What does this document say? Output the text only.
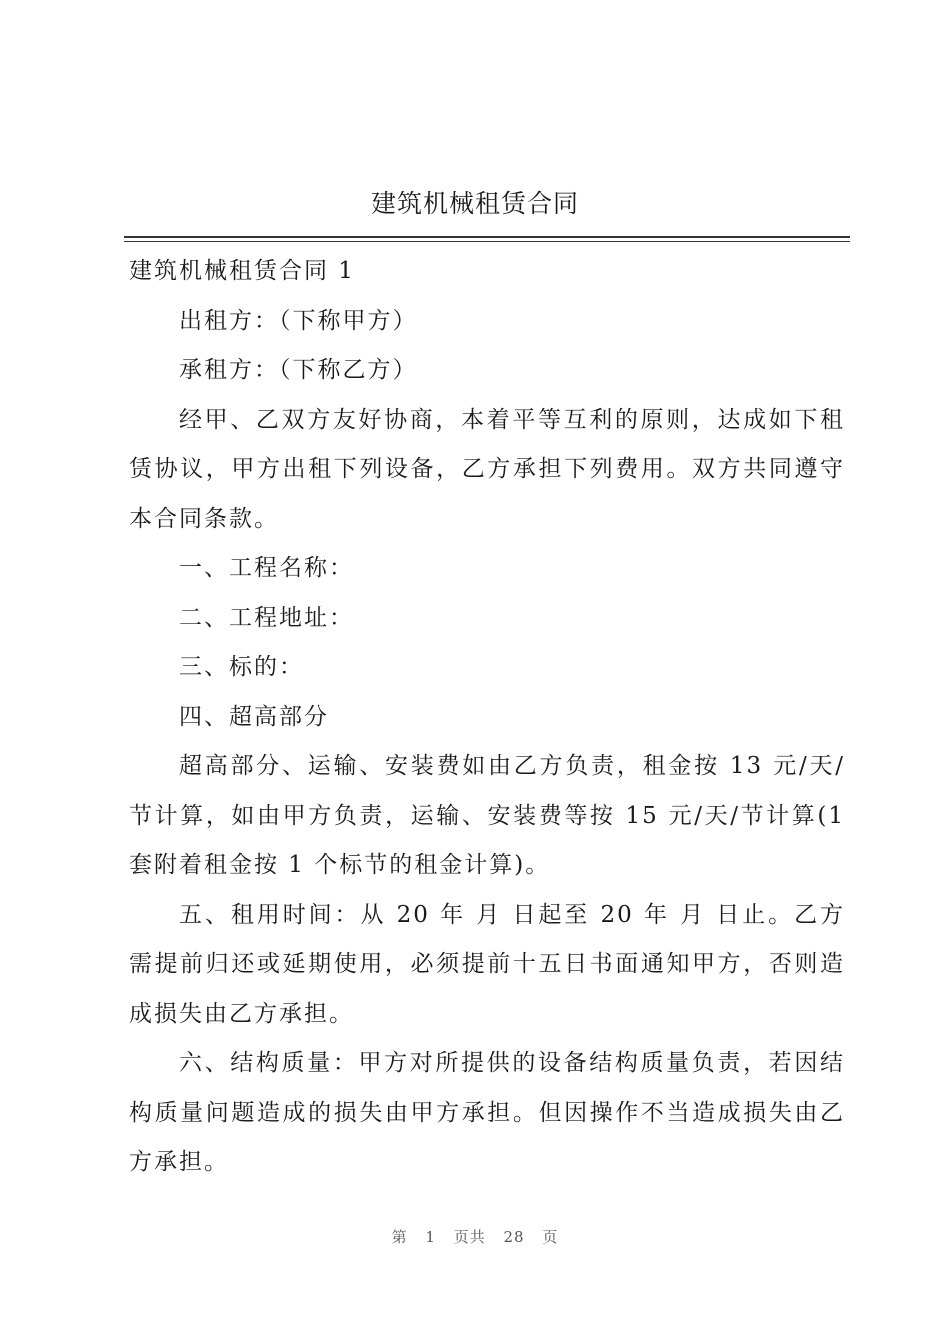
建筑机械租赁合同

建筑机械租赁合同 1

出租方：（下称甲方）

承租方：（下称乙方）

经甲、乙双方友好协商，本着平等互利的原则，达成如下租赁协议，甲方出租下列设备，乙方承担下列费用。双方共同遵守本合同条款。

一、工程名称：

二、工程地址：

三、标的：

四、超高部分

超高部分、运输、安装费如由乙方负责，租金按 13 元/天/节计算，如由甲方负责，运输、安装费等按 15 元/天/节计算(1 套附着租金按 1 个标节的租金计算)。

五、租用时间：从 20 年 月 日起至 20 年 月 日止。乙方需提前归还或延期使用，必须提前十五日书面通知甲方，否则造成损失由乙方承担。

六、结构质量：甲方对所提供的设备结构质量负责，若因结构质量问题造成的损失由甲方承担。但因操作不当造成损失由乙方承担。

第 1 页共 28 页
